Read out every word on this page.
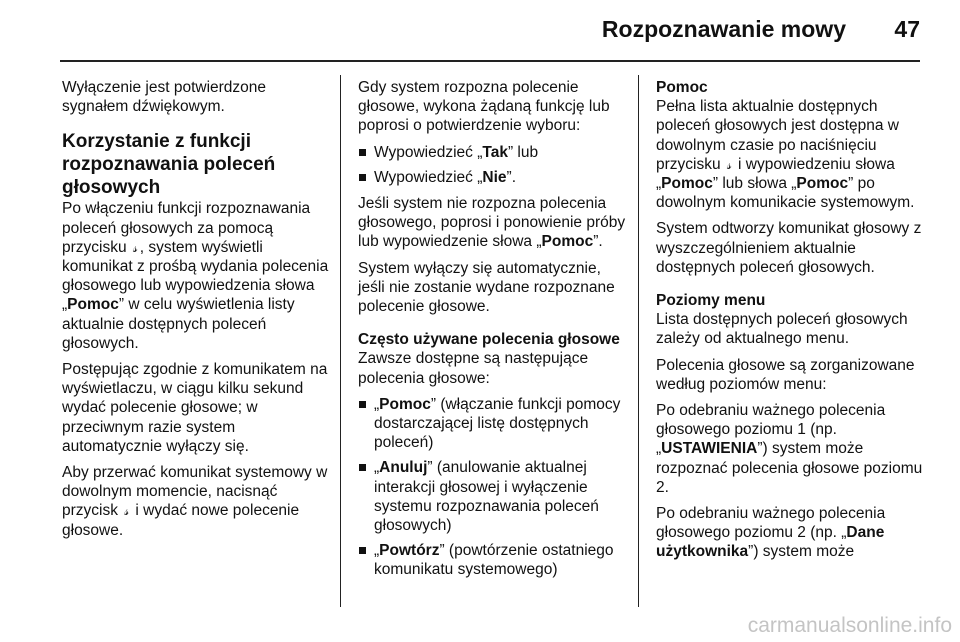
Rozpoznawanie mowy 47

Wyłączenie jest potwierdzone sygnałem dźwiękowym.

Korzystanie z funkcji rozpoznawania poleceń głosowych

Po włączeniu funkcji rozpoznawania poleceń głosowych za pomocą przycisku 𝓈 , system wyświetli komunikat z prośbą wydania polecenia głosowego lub wypowiedzenia słowa „Pomoc” w celu wyświetlenia listy aktualnie dostępnych poleceń głosowych.

Postępując zgodnie z komunikatem na wyświetlaczu, w ciągu kilku sekund wydać polecenie głosowe; w przeciwnym razie system automatycznie wyłączy się.

Aby przerwać komunikat systemowy w dowolnym momencie, nacisnąć przycisk 𝓈 i wydać nowe polecenie głosowe.

Gdy system rozpozna polecenie głosowe, wykona żądaną funkcję lub poprosi o potwierdzenie wyboru:

Wypowiedzieć „Tak” lub
Wypowiedzieć „Nie”.

Jeśli system nie rozpozna polecenia głosowego, poprosi i ponowienie próby lub wypowiedzenie słowa „Pomoc”.

System wyłączy się automatycznie, jeśli nie zostanie wydane rozpoznane polecenie głosowe.

Często używane polecenia głosowe

Zawsze dostępne są następujące polecenia głosowe:

„Pomoc” (włączanie funkcji pomocy dostarczającej listę dostępnych poleceń)
„Anuluj” (anulowanie aktualnej interakcji głosowej i wyłączenie systemu rozpoznawania poleceń głosowych)
„Powtórz” (powtórzenie ostatniego komunikatu systemowego)
Pomoc

Pełna lista aktualnie dostępnych poleceń głosowych jest dostępna w dowolnym czasie po naciśnięciu przycisku 𝓈 i wypowiedzeniu słowa „Pomoc” lub słowa „Pomoc” po dowolnym komunikacie systemowym.

System odtworzy komunikat głosowy z wyszczególnieniem aktualnie dostępnych poleceń głosowych.

Poziomy menu

Lista dostępnych poleceń głosowych zależy od aktualnego menu.

Polecenia głosowe są zorganizowane według poziomów menu:

Po odebraniu ważnego polecenia głosowego poziomu 1 (np. „USTAWIENIA”) system może rozpoznać polecenia głosowe poziomu 2.

Po odebraniu ważnego polecenia głosowego poziomu 2 (np. „Dane użytkownika”) system może

carmanualsonline.info
